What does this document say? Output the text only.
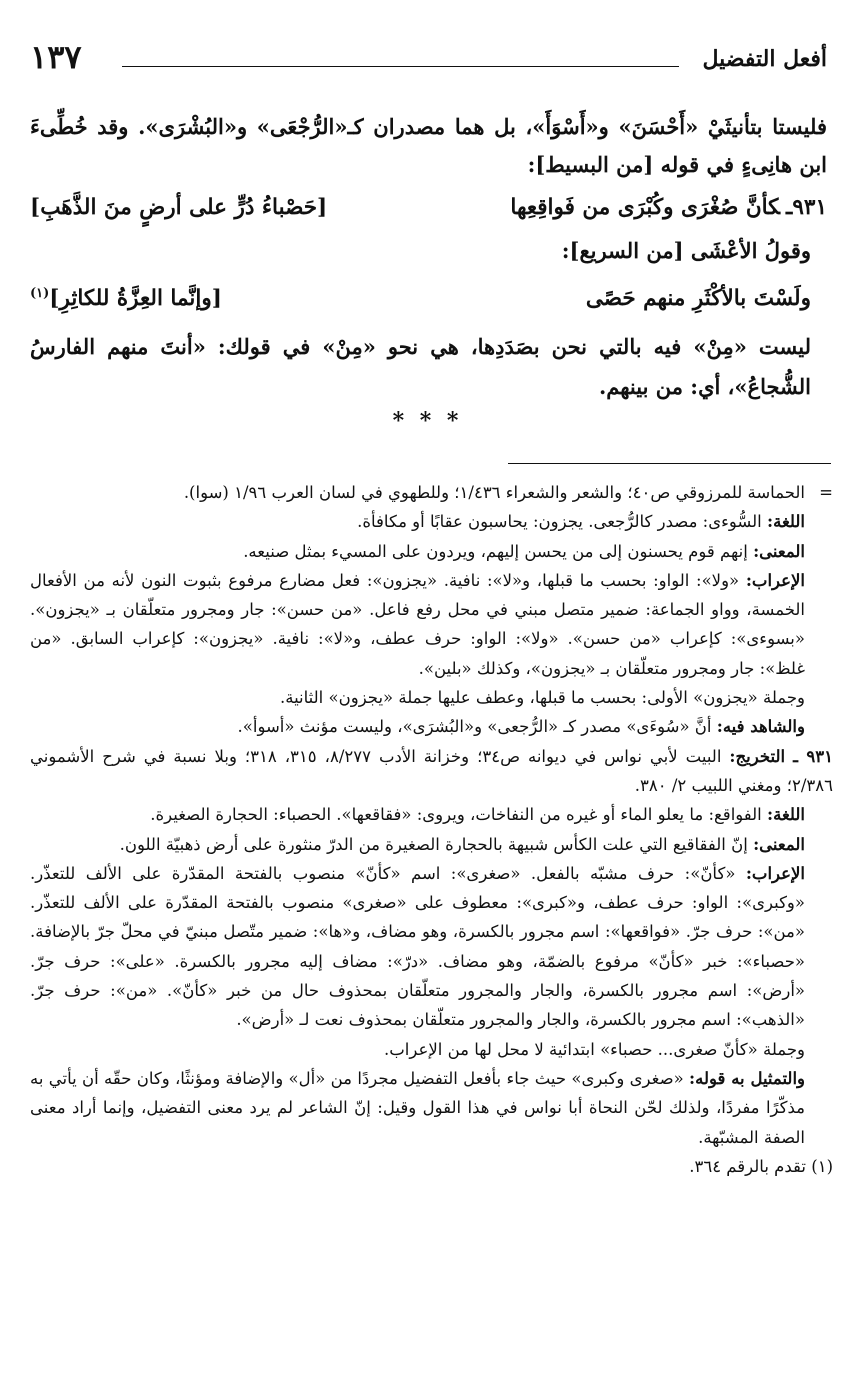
أفعل التفضيل
١٣٧

فليستا بتأنيثَيْ «أَحْسَنَ» و«أَسْوَأَ»، بل هما مصدران كـ«الرُّجْعَى» و«البُشْرَى». وقد خُطِّىءَ ابن هانِىءٍ في قوله [من البسيط]:

٩٣١ـكأنَّ صُغْرَى وكُبْرَى من فَواقِعِها
[حَصْباءُ دُرٍّ على أرضٍ منَ الذَّهَبِ]

وقولُ الأعْشَى [من السريع]:

ولَسْتَ بالأكْثَرِ منهم حَصًى
[وإنَّما العِزَّةُ للكاثِرِ]$^{(١)}$

ليست «مِنْ» فيه بالتي نحن بصَدَدِها، هي نحو «مِنْ» في قولك: «أنتَ منهم الفارسُ الشُّجاعُ»، أي: من بينهم.

* * *
=

الحماسة للمرزوقي ص٤٠؛ والشعر والشعراء ١/٤٣٦؛ وللطهوي في لسان العرب ١/٩٦ (سوا).

اللغة: السُّوءى: مصدر كالرُّجعى. يجزون: يحاسبون عقابًا أو مكافأة.

المعنى: إنهم قوم يحسنون إلى من يحسن إليهم، ويردون على المسيء بمثل صنيعه.

الإعراب: «ولا»: الواو: بحسب ما قبلها، و«لا»: نافية. «يجزون»: فعل مضارع مرفوع بثبوت النون لأنه من الأفعال الخمسة، وواو الجماعة: ضمير متصل مبني في محل رفع فاعل. «من حسن»: جار ومجرور متعلّقان بـ «يجزون». «بسوءى»: كإعراب «من حسن». «ولا»: الواو: حرف عطف، و«لا»: نافية. «يجزون»: كإعراب السابق. «من غلظ»: جار ومجرور متعلّقان بـ «يجزون»، وكذلك «بلين».

وجملة «يجزون» الأولى: بحسب ما قبلها، وعطف عليها جملة «يجزون» الثانية.

والشاهد فيه: أنَّ «سُوءَى» مصدر كـ «الرُّجعى» و«البُشرَى»، وليست مؤنث «أسوأ».

٩٣١ ـ التخريج: البيت لأبي نواس في ديوانه ص٣٤؛ وخزانة الأدب ٨/٢٧٧، ٣١٥، ٣١٨؛ وبلا نسبة في شرح الأشموني ٢/٣٨٦؛ ومغني اللبيب ٢/ ٣٨٠.

اللغة: الفواقع: ما يعلو الماء أو غيره من النفاخات، ويروى: «فقاقعها». الحصباء: الحجارة الصغيرة.

المعنى: إنّ الفقاقيع التي علت الكأس شبيهة بالحجارة الصغيرة من الدرّ منثورة على أرض ذهبيّة اللون.

الإعراب: «كأنّ»: حرف مشبّه بالفعل. «صغرى»: اسم «كأنّ» منصوب بالفتحة المقدّرة على الألف للتعذّر. «وكبرى»: الواو: حرف عطف، و«كبرى»: معطوف على «صغرى» منصوب بالفتحة المقدّرة على الألف للتعذّر. «من»: حرف جرّ. «فواقعها»: اسم مجرور بالكسرة، وهو مضاف، و«ها»: ضمير متّصل مبنيّ في محلّ جرّ بالإضافة. «حصباء»: خبر «كأنّ» مرفوع بالضمّة، وهو مضاف. «درّ»: مضاف إليه مجرور بالكسرة. «على»: حرف جرّ. «أرض»: اسم مجرور بالكسرة، والجار والمجرور متعلّقان بمحذوف حال من خبر «كأنّ». «من»: حرف جرّ. «الذهب»: اسم مجرور بالكسرة، والجار والمجرور متعلّقان بمحذوف نعت لـ «أرض».

وجملة «كأنّ صغرى... حصباء» ابتدائية لا محل لها من الإعراب.

والتمثيل به قوله: «صغرى وكبرى» حيث جاء بأفعل التفضيل مجردًا من «أل» والإضافة ومؤنثًا، وكان حقّه أن يأتي به مذكّرًا مفردًا، ولذلك لحّن النحاة أبا نواس في هذا القول وقيل: إنّ الشاعر لم يرد معنى التفضيل، وإنما أراد معنى الصفة المشبّهة.

(١) تقدم بالرقم ٣٦٤.
